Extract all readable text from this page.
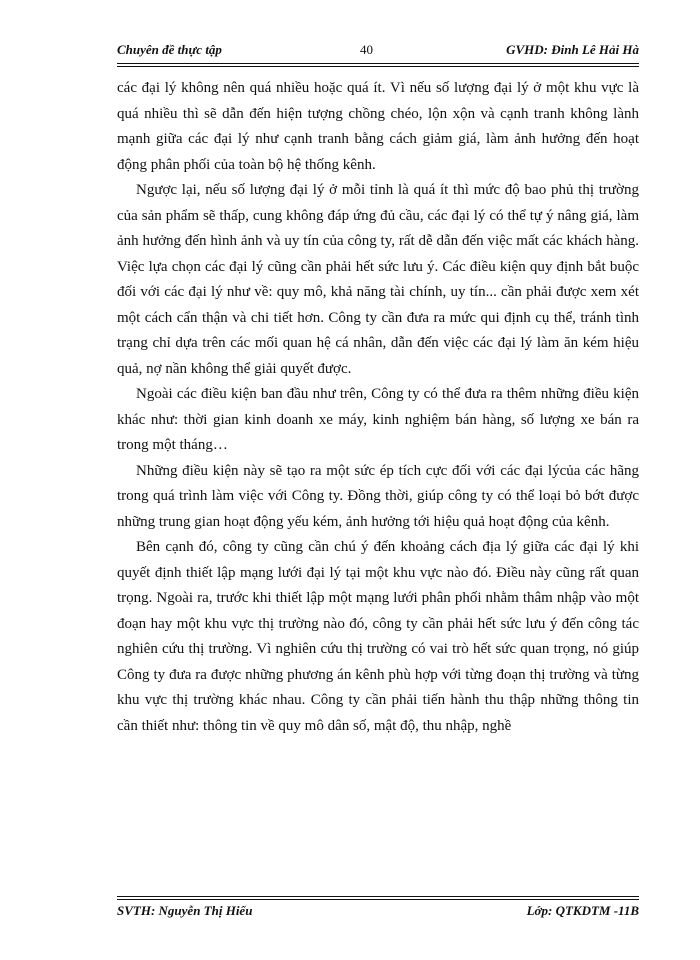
Chuyên đề thực tập	40	GVHD: Đinh Lê Hải Hà

các đại lý không nên quá nhiều hoặc quá ít. Vì nếu số lượng đại lý ở một khu vực là quá nhiều thì sẽ dẫn đến hiện tượng chồng chéo, lộn xộn và cạnh tranh không lành mạnh giữa các đại lý như cạnh tranh bằng cách giảm giá, làm ảnh hưởng đến hoạt động phân phối của toàn bộ hệ thống kênh.

Ngược lại, nếu số lượng đại lý ở mỗi tỉnh là quá ít thì mức độ bao phủ thị trường của sản phẩm sẽ thấp, cung không đáp ứng đủ cầu, các đại lý có thể tự ý nâng giá, làm ảnh hưởng đến hình ảnh và uy tín của công ty, rất dễ dẫn đến việc mất các khách hàng. Việc lựa chọn các đại lý cũng cần phải hết sức lưu ý. Các điều kiện quy định bắt buộc đối với các đại lý như về: quy mô, khả năng tài chính, uy tín... cần phải được xem xét một cách cẩn thận và chi tiết hơn. Công ty cần đưa ra mức qui định cụ thể, tránh tình trạng chỉ dựa trên các mối quan hệ cá nhân, dẫn đến việc các đại lý làm ăn kém hiệu quả, nợ nần không thể giải quyết được.

Ngoài các điều kiện ban đầu như trên, Công ty có thể đưa ra thêm những điều kiện khác như: thời gian kinh doanh xe máy, kinh nghiệm bán hàng, số lượng xe bán ra trong một tháng…

Những điều kiện này sẽ tạo ra một sức ép tích cực đối với các đại lýcủa các hãng trong quá trình làm việc với Công ty. Đồng thời, giúp công ty có thể loại bỏ bớt được những trung gian hoạt động yếu kém, ảnh hưởng tới hiệu quả hoạt động của kênh.

Bên cạnh đó, công ty cũng cần chú ý đến khoảng cách địa lý giữa các đại lý khi quyết định thiết lập mạng lưới đại lý tại một khu vực nào đó. Điều này cũng rất quan trọng. Ngoài ra, trước khi thiết lập một mạng lưới phân phối nhằm thâm nhập vào một đoạn hay một khu vực thị trường nào đó, công ty cần phải hết sức lưu ý đến công tác nghiên cứu thị trường. Vì nghiên cứu thị trường có vai trò hết sức quan trọng, nó giúp Công ty đưa ra được những phương án kênh phù hợp với từng đoạn thị trường và từng khu vực thị trường khác nhau. Công ty cần phải tiến hành thu thập những thông tin cần thiết như: thông tin về quy mô dân số, mật độ, thu nhập, nghề

SVTH: Nguyễn Thị Hiếu	Lớp: QTKDTM -11B
